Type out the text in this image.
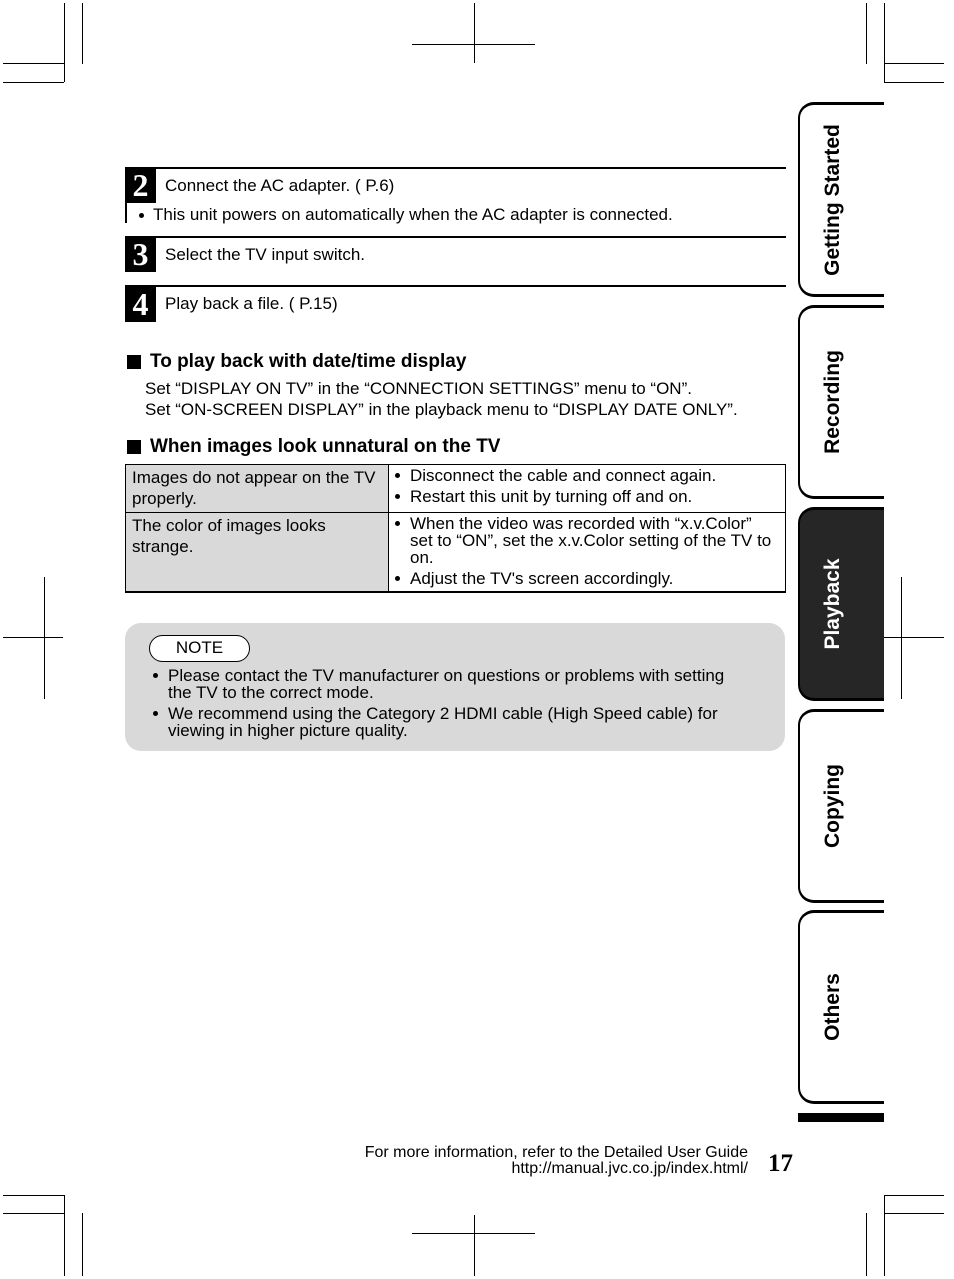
2 Connect the AC adapter. ( P.6)
This unit powers on automatically when the AC adapter is connected.
3 Select the TV input switch.
4 Play back a file. ( P.15)
To play back with date/time display
Set “DISPLAY ON TV” in the “CONNECTION SETTINGS” menu to “ON”.
Set “ON-SCREEN DISPLAY” in the playback menu to “DISPLAY DATE ONLY”.
When images look unnatural on the TV
Images do not appear on the TV properly.
Disconnect the cable and connect again.
Restart this unit by turning off and on.
The color of images looks strange.
When the video was recorded with “x.v.Color” set to “ON”, set the x.v.Color setting of the TV to on.
Adjust the TV's screen accordingly.
NOTE
Please contact the TV manufacturer on questions or problems with setting the TV to the correct mode.
We recommend using the Category 2 HDMI cable (High Speed cable) for viewing in higher picture quality.
Getting Started
Recording
Playback
Copying
Others
For more information, refer to the Detailed User Guide
http://manual.jvc.co.jp/index.html/ 17
